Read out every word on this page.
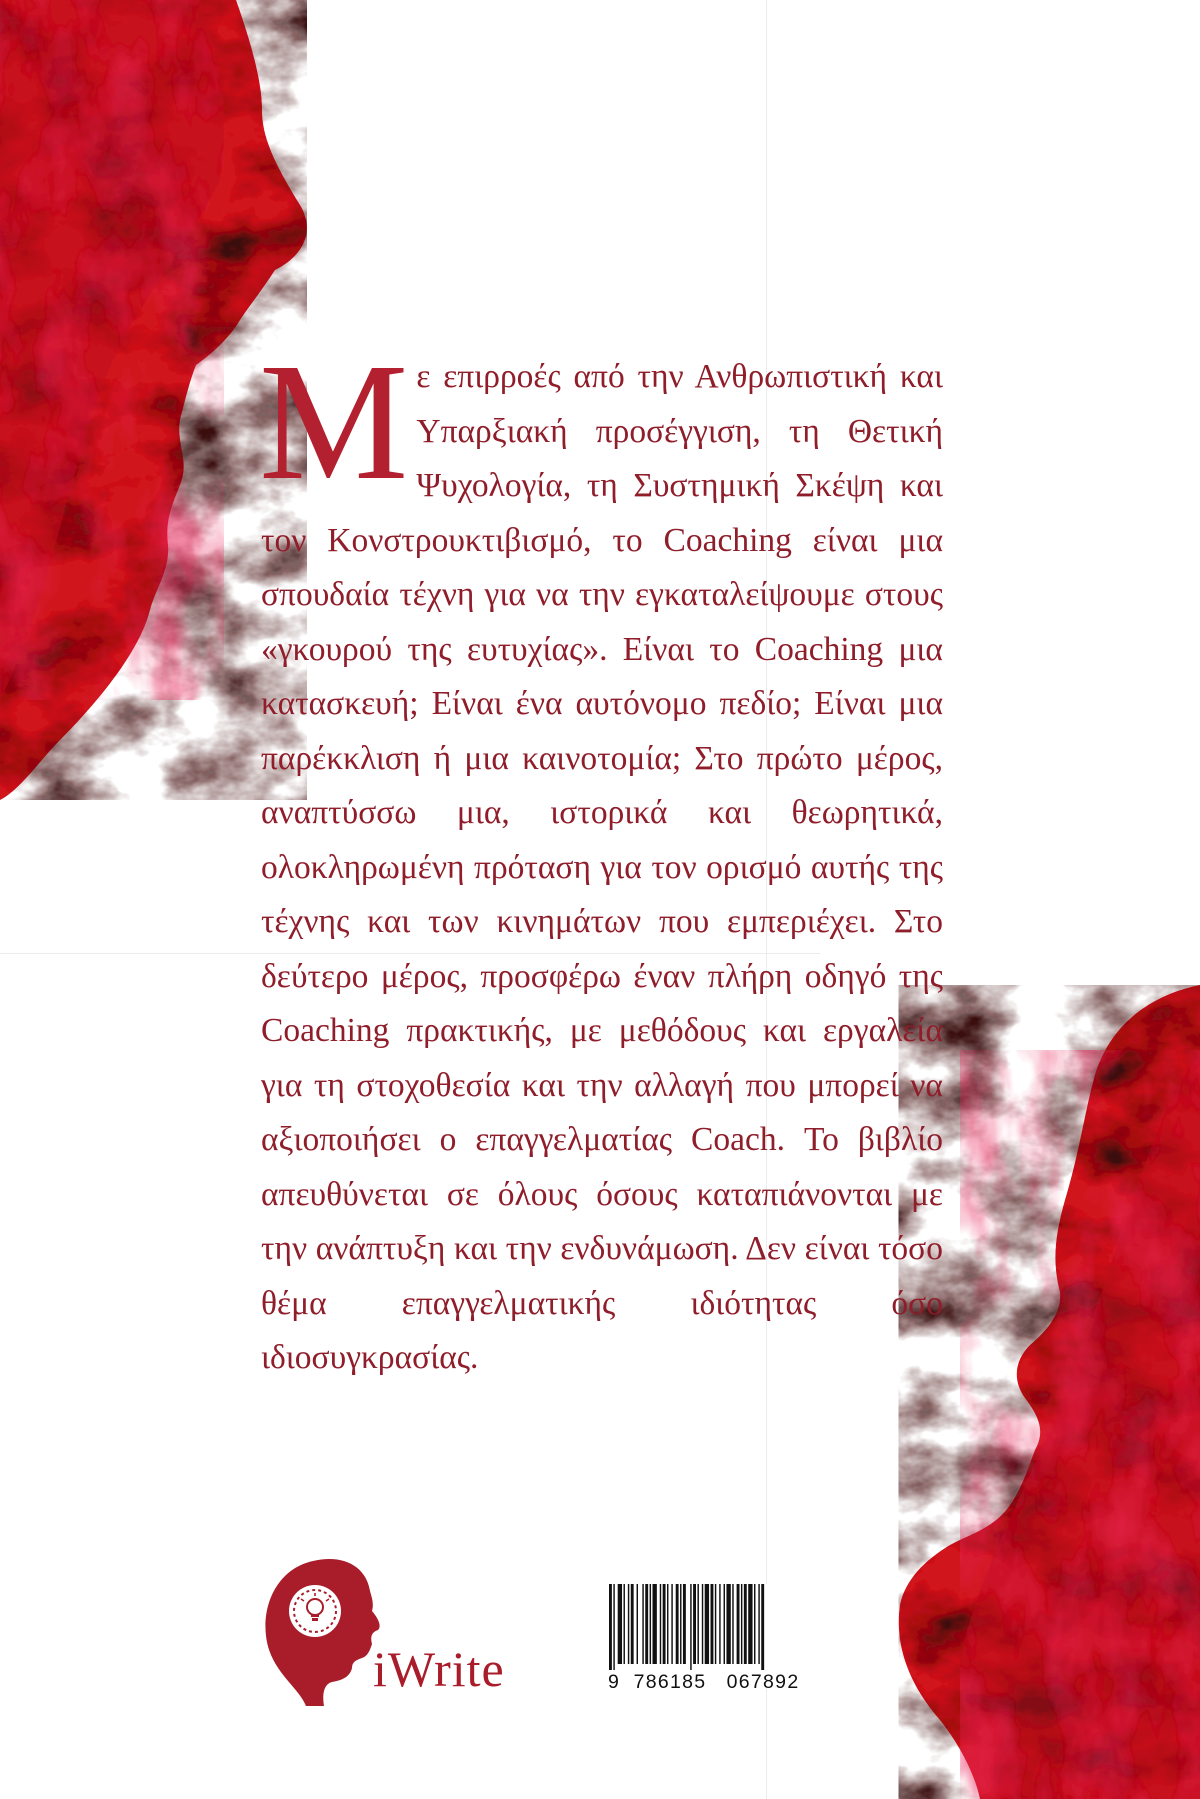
Με επιρροές από την Ανθρωπιστική και Υπαρξιακή προσέγγιση, τη Θετική Ψυχολογία, τη Συστημική Σκέψη και τον Κονστρουκτιβισμό, το Coaching είναι μια σπουδαία τέχνη για να την εγκαταλείψουμε στους «γκουρού της ευτυχίας». Είναι το Coaching μια κατασκευή; Είναι ένα αυτόνομο πεδίο; Είναι μια παρέκκλιση ή μια καινοτομία; Στο πρώτο μέρος, αναπτύσσω μια, ιστορικά και θεωρητικά, ολοκληρωμένη πρόταση για τον ορισμό αυτής της τέχνης και των κινημάτων που εμπεριέχει. Στο δεύτερο μέρος, προσφέρω έναν πλήρη οδηγό της Coaching πρακτικής, με μεθόδους και εργαλεία για τη στοχοθεσία και την αλλαγή που μπορεί να αξιοποιήσει ο επαγγελματίας Coach. Το βιβλίο απευθύνεται σε όλους όσους καταπιάνονται με την ανάπτυξη και την ενδυνάμωση. Δεν είναι τόσο θέμα επαγγελματικής ιδιότητας όσο ιδιοσυγκρασίας.
iWrite	9  786185   067892
